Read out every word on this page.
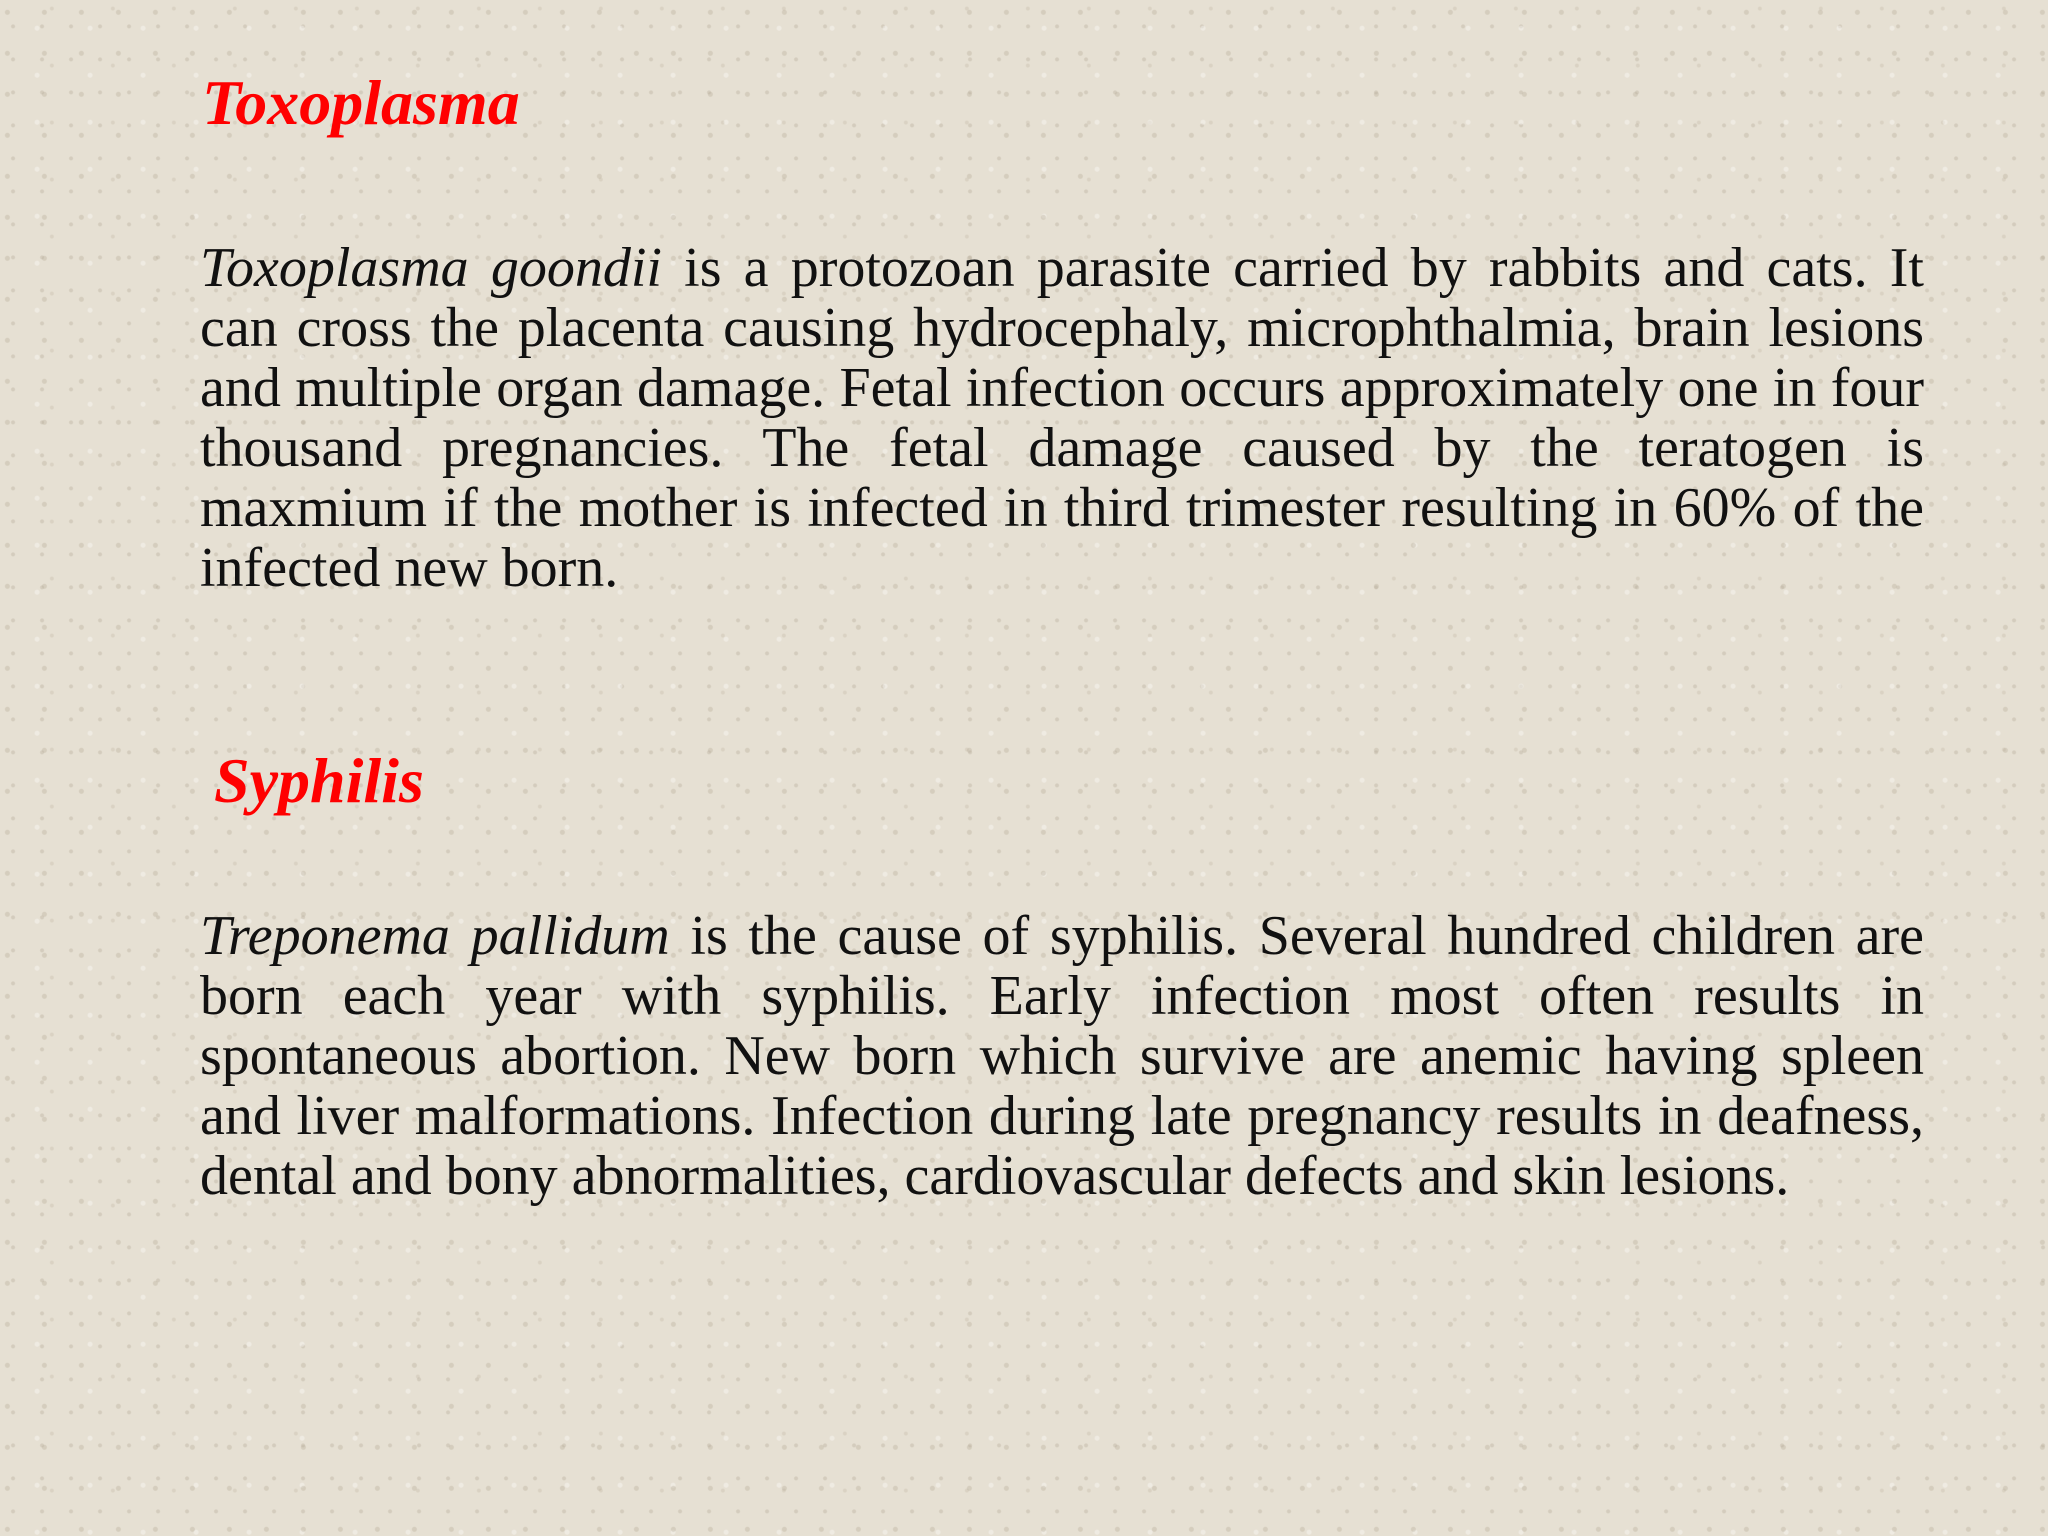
Toxoplasma

Toxoplasma goondii is a protozoan parasite carried by rabbits and cats. It can cross the placenta causing hydrocephaly, microphthalmia, brain lesions and multiple organ damage. Fetal infection occurs approximately one in four thousand pregnancies. The fetal damage caused by the teratogen is maxmium if the mother is infected in third trimester resulting in 60% of the infected new born.

Syphilis

Treponema pallidum is the cause of syphilis. Several hundred children are born each year with syphilis. Early infection most often results in spontaneous abortion. New born which survive are anemic having spleen and liver malformations. Infection during late pregnancy results in deafness, dental and bony abnormalities, cardiovascular defects and skin lesions.
